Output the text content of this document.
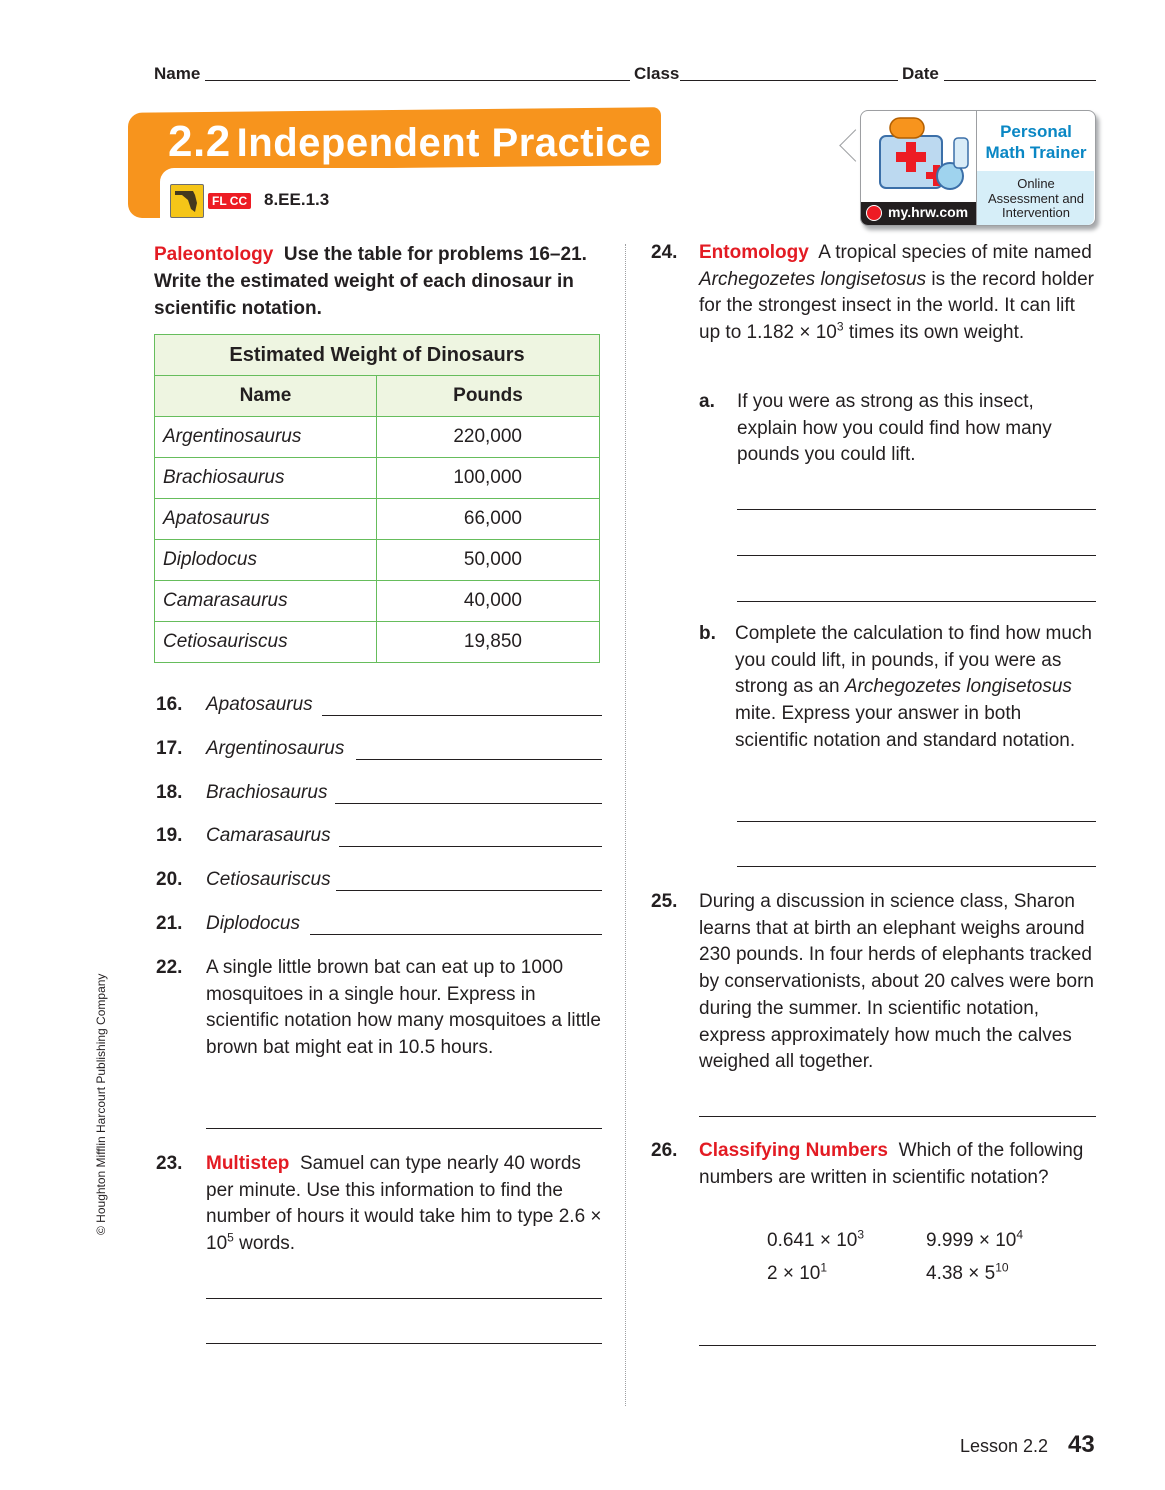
Name	Class	Date
2.2 Independent Practice
FL CC 8.EE.1.3
Personal
Math Trainer
Online
Assessment and
Intervention
my.hrw.com
Paleontology Use the table for problems 16–21. Write the estimated weight of each dinosaur in scientific notation.
Estimated Weight of Dinosaurs	
Name	Pounds
Argentinosaurus	220,000
Brachiosaurus	100,000
Apatosaurus	66,000
Diplodocus	50,000
Camarasaurus	40,000
Cetiosauriscus	19,850
16. Apatosaurus
17. Argentinosaurus
18. Brachiosaurus
19. Camarasaurus
20. Cetiosauriscus
21. Diplodocus
22. A single little brown bat can eat up to 1000 mosquitoes in a single hour. Express in scientific notation how many mosquitoes a little brown bat might eat in 10.5 hours.
23. Multistep Samuel can type nearly 40 words per minute. Use this information to find the number of hours it would take him to type $2.6 \times 10^5$ words.
24. Entomology A tropical species of mite named Archegozetes longisetosus is the record holder for the strongest insect in the world. It can lift up to $1.182 \times 10^3$ times its own weight.
a. If you were as strong as this insect, explain how you could find how many pounds you could lift.
b. Complete the calculation to find how much you could lift, in pounds, if you were as strong as an Archegozetes longisetosus mite. Express your answer in both scientific notation and standard notation.
25. During a discussion in science class, Sharon learns that at birth an elephant weighs around 230 pounds. In four herds of elephants tracked by conservationists, about 20 calves were born during the summer. In scientific notation, express approximately how much the calves weighed all together.
26. Classifying Numbers Which of the following numbers are written in scientific notation?
$0.641 \times 10^3$	$9.999 \times 10^4$
$2 \times 10^1$	$4.38 \times 5^{10}$
© Houghton Mifflin Harcourt Publishing Company
Lesson 2.2 43
